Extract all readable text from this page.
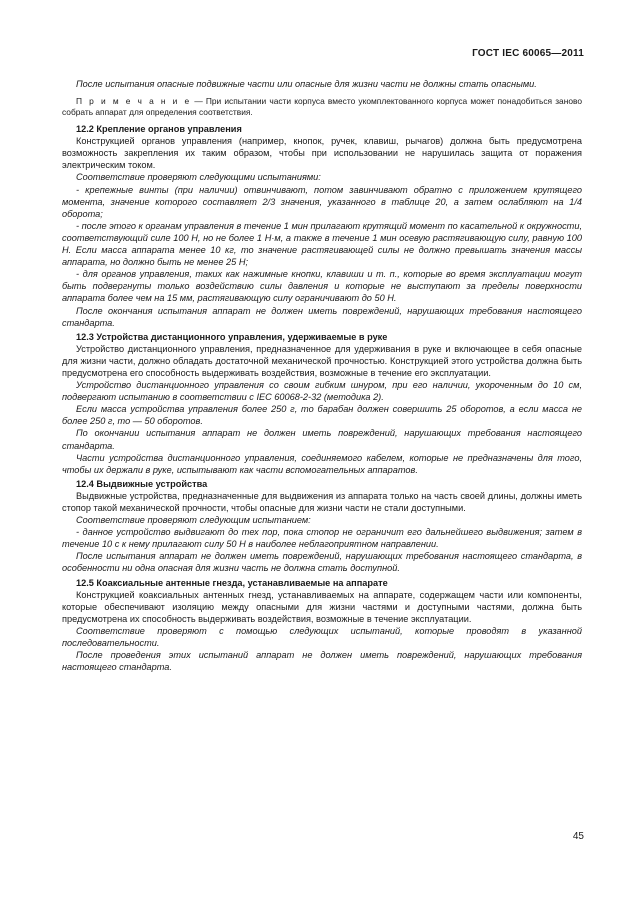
ГОСТ IEC 60065—2011

После испытания опасные подвижные части или опасные для жизни части не должны стать опасными.

П р и м е ч а н и е — При испытании части корпуса вместо укомплектованного корпуса может понадобиться заново собрать аппарат для определения соответствия.

12.2 Крепление органов управления

Конструкцией органов управления (например, кнопок, ручек, клавиш, рычагов) должна быть предусмотрена возможность закрепления их таким образом, чтобы при использовании не нарушилась защита от поражения электрическим током.

Соответствие проверяют следующими испытаниями:

- крепежные винты (при наличии) отвинчивают, потом завинчивают обратно с приложением крутящего момента, значение которого составляет 2/3 значения, указанного в таблице 20, а затем ослабляют на 1/4 оборота;

- после этого к органам управления в течение 1 мин прилагают крутящий момент по касательной к окружности, соответствующий силе 100 Н, но не более 1 Н·м, а также в течение 1 мин осевую растягивающую силу, равную 100 Н. Если масса аппарата менее 10 кг, то значение растягивающей силы не должно превышать значения массы аппарата, но должно быть не менее 25 Н;

- для органов управления, таких как нажимные кнопки, клавиши и т. п., которые во время эксплуатации могут быть подвергнуты только воздействию силы давления и которые не выступают за пределы поверхности аппарата более чем на 15 мм, растягивающую силу ограничивают до 50 Н.

После окончания испытания аппарат не должен иметь повреждений, нарушающих требования настоящего стандарта.

12.3 Устройства дистанционного управления, удерживаемые в руке

Устройство дистанционного управления, предназначенное для удерживания в руке и включающее в себя опасные для жизни части, должно обладать достаточной механической прочностью. Конструкцией этого устройства должна быть предусмотрена его способность выдерживать воздействия, возможные в течение его эксплуатации.

Устройство дистанционного управления со своим гибким шнуром, при его наличии, укороченным до 10 см, подвергают испытанию в соответствии с IEC 60068-2-32 (методика 2).

Если масса устройства управления более 250 г, то барабан должен совершить 25 оборотов, а если масса не более 250 г, то — 50 оборотов.

По окончании испытания аппарат не должен иметь повреждений, нарушающих требования настоящего стандарта.

Части устройства дистанционного управления, соединяемого кабелем, которые не предназначены для того, чтобы их держали в руке, испытывают как части вспомогательных аппаратов.

12.4 Выдвижные устройства

Выдвижные устройства, предназначенные для выдвижения из аппарата только на часть своей длины, должны иметь стопор такой механической прочности, чтобы опасные для жизни части не стали доступными.

Соответствие проверяют следующим испытанием:

- данное устройство выдвигают до тех пор, пока стопор не ограничит его дальнейшего выдвижения; затем в течение 10 с к нему прилагают силу 50 Н в наиболее неблагоприятном направлении.

После испытания аппарат не должен иметь повреждений, нарушающих требования настоящего стандарта, в особенности ни одна опасная для жизни часть не должна стать доступной.

12.5 Коаксиальные антенные гнезда, устанавливаемые на аппарате

Конструкцией коаксиальных антенных гнезд, устанавливаемых на аппарате, содержащем части или компоненты, которые обеспечивают изоляцию между опасными для жизни частями и доступными частями, должна быть предусмотрена их способность выдерживать воздействия, возможные в течение эксплуатации.

Соответствие проверяют с помощью следующих испытаний, которые проводят в указанной последовательности.

После проведения этих испытаний аппарат не должен иметь повреждений, нарушающих требования настоящего стандарта.

45
